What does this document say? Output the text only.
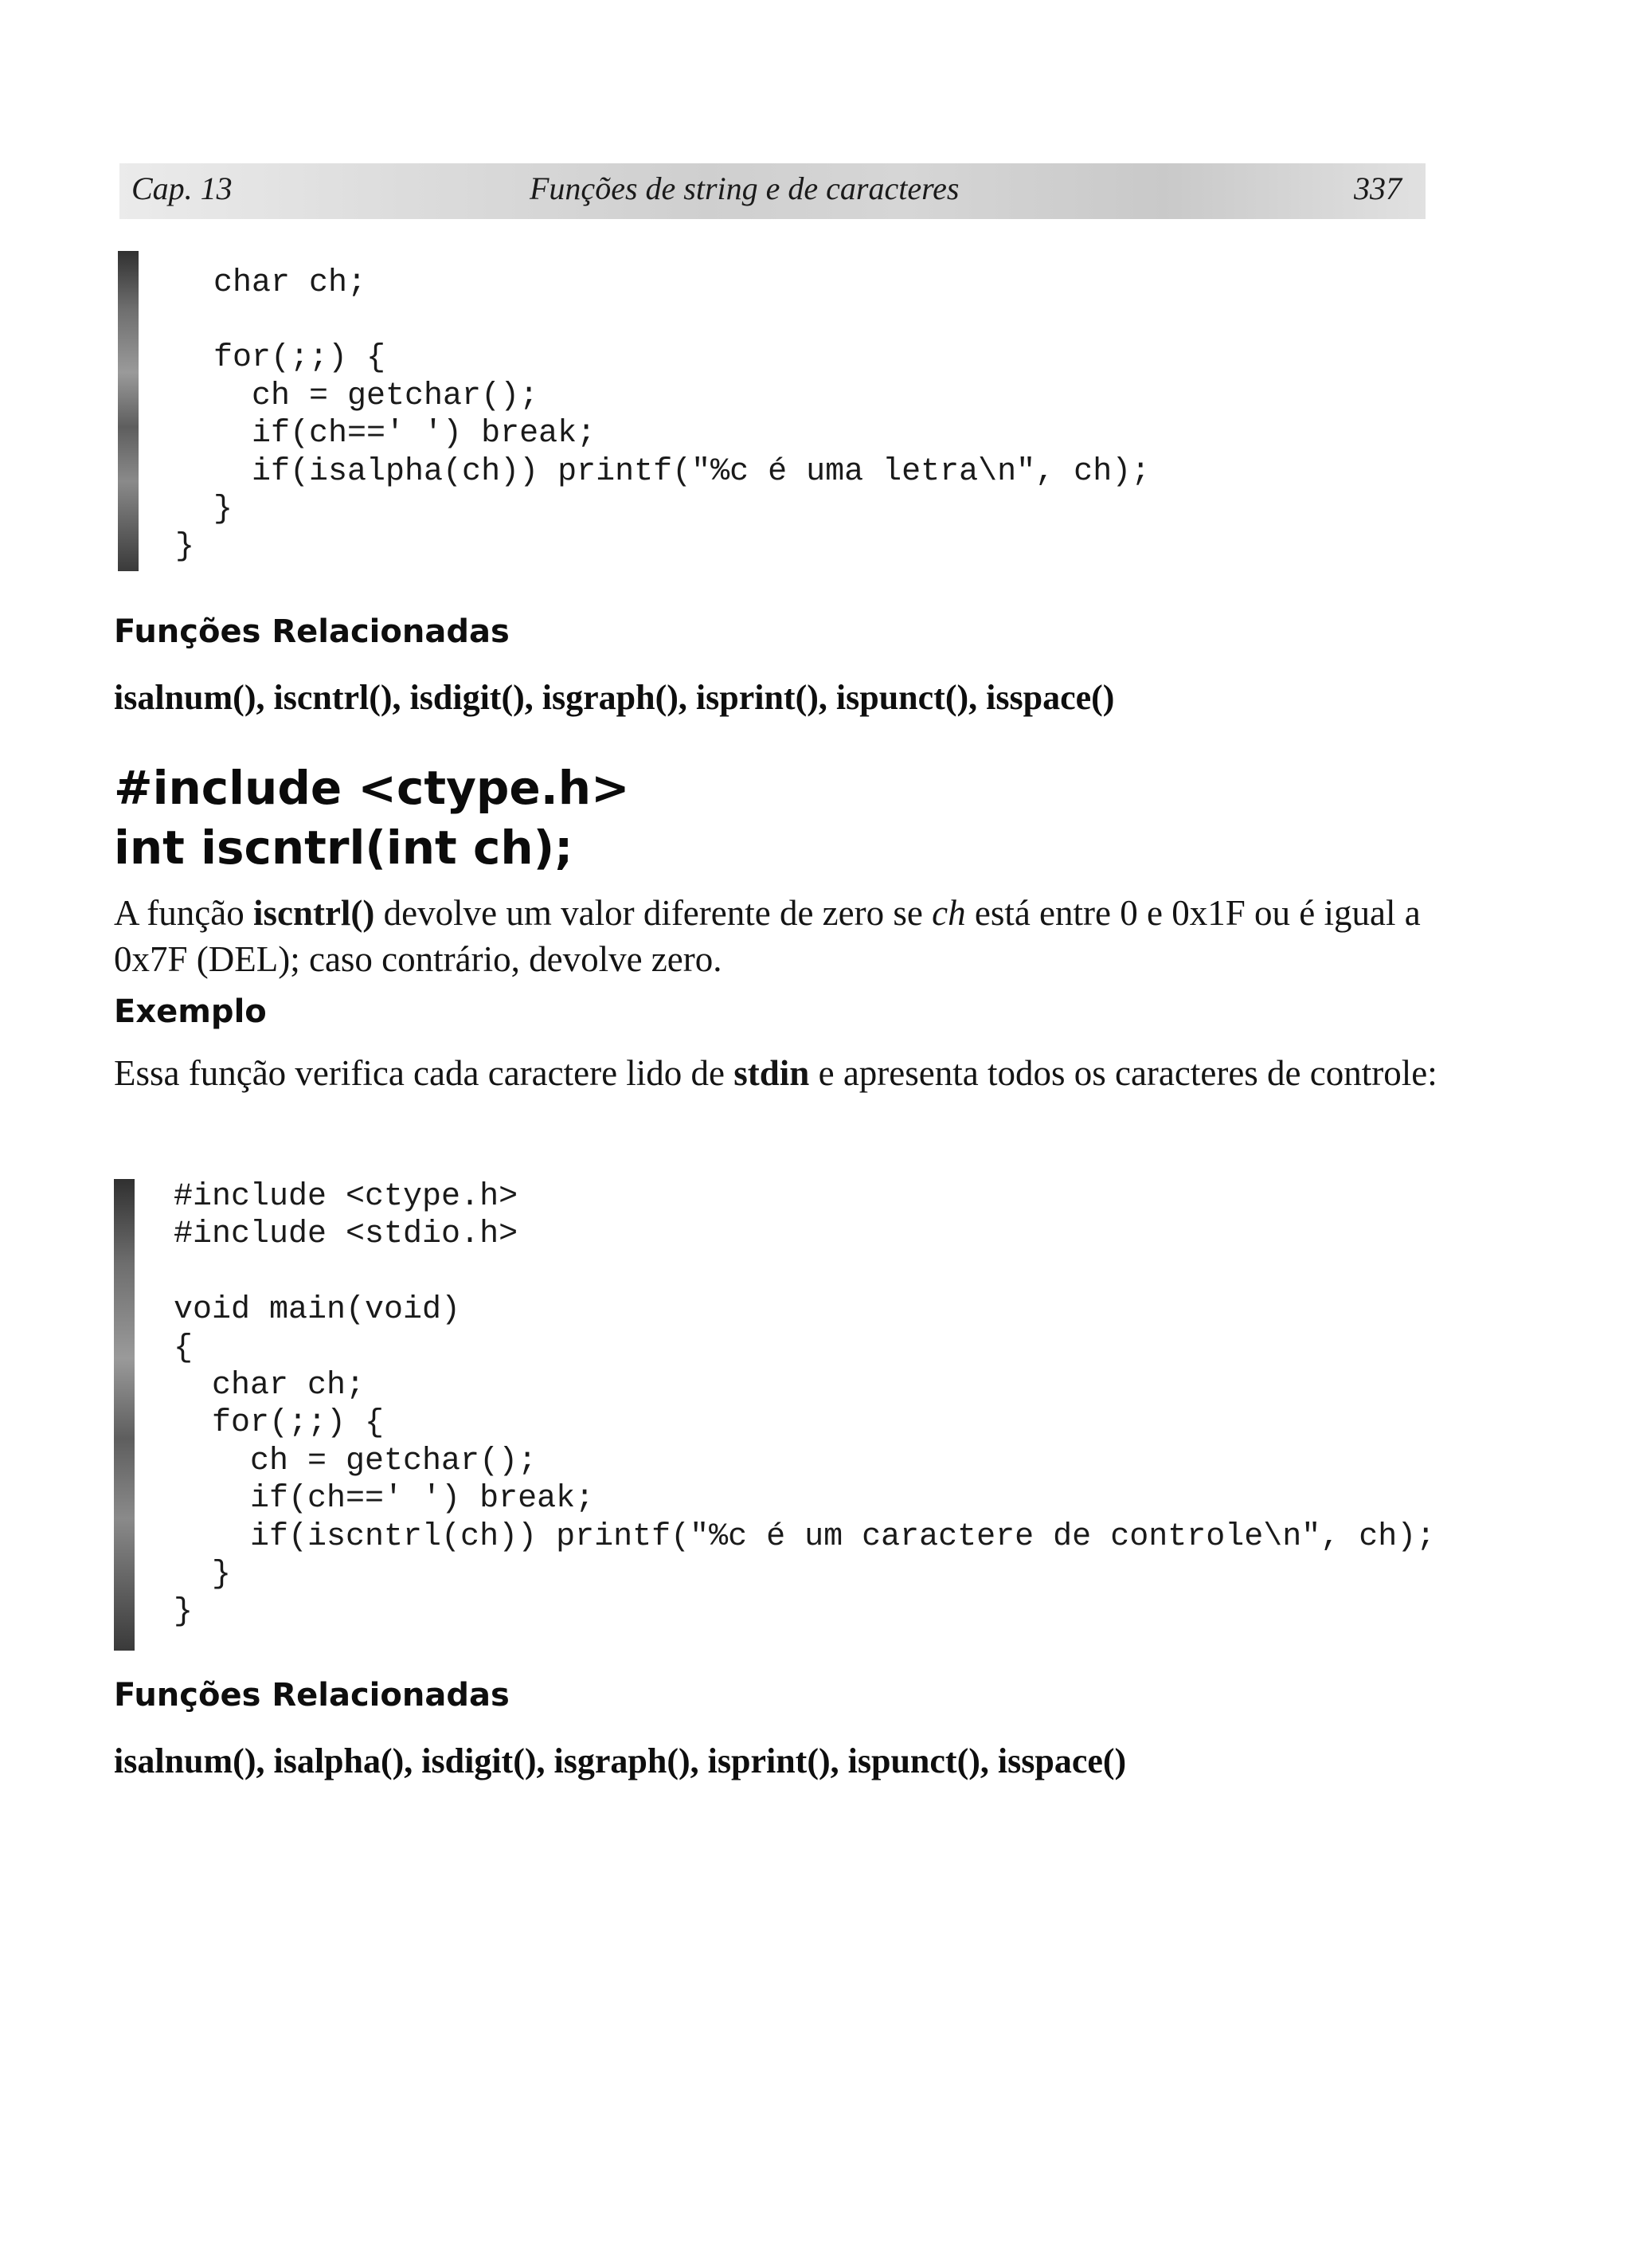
Cap. 13	Funções de string e de caracteres	337
char ch;
for(;;) {
ch = getchar();
if(ch==' ') break;
if(isalpha(ch)) printf("%c é uma letra\n", ch);
}
}
Funções Relacionadas
isalnum(), iscntrl(), isdigit(), isgraph(), isprint(), ispunct(), isspace()
#include <ctype.h>
int iscntrl(int ch);

A função iscntrl() devolve um valor diferente de zero se ch está entre 0 e 0x1F ou é igual a 0x7F (DEL); caso contrário, devolve zero.

Exemplo

Essa função verifica cada caractere lido de stdin e apresenta todos os caracteres de controle:

#include <ctype.h>
#include <stdio.h>
void main(void)
{
char ch;
for(;;) {
ch = getchar();
if(ch==' ') break;
if(iscntrl(ch)) printf("%c é um caractere de controle\n", ch);
}
}
Funções Relacionadas
isalnum(), isalpha(), isdigit(), isgraph(), isprint(), ispunct(), isspace()
